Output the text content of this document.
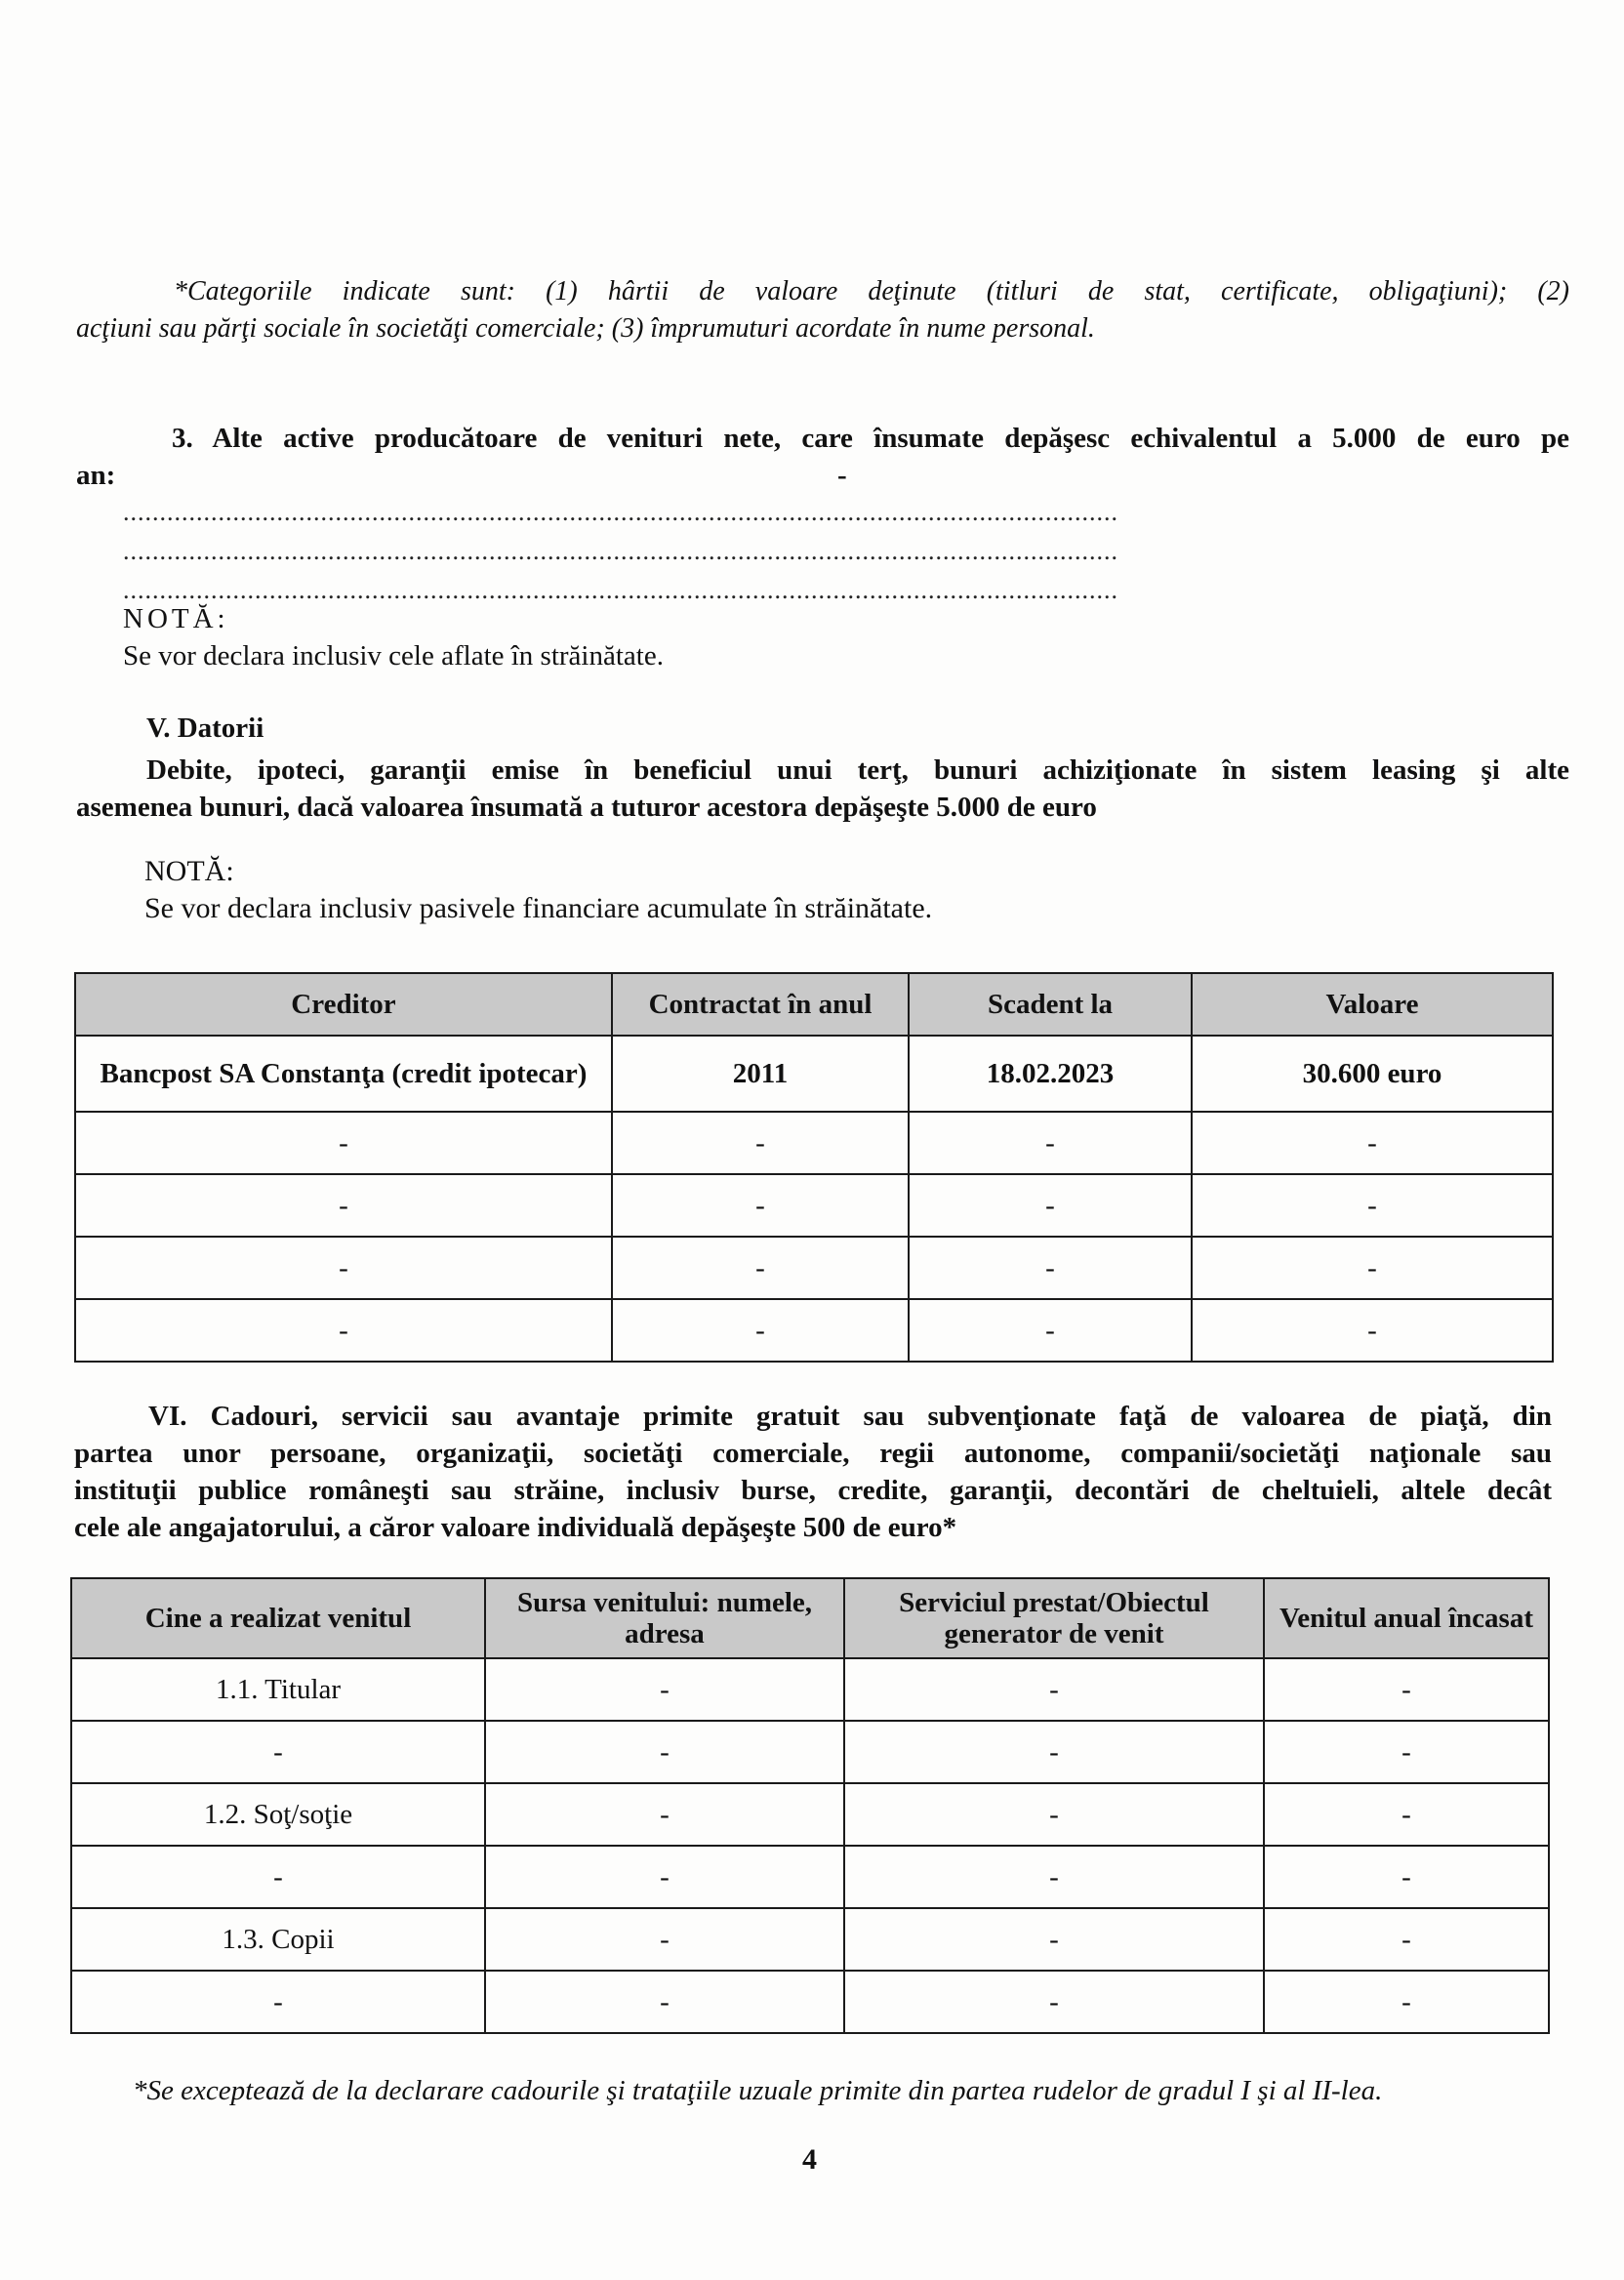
*Categoriile indicate sunt: (1) hârtii de valoare deţinute (titluri de stat, certificate, obligaţiuni); (2)
acţiuni sau părţi sociale în societăţi comerciale; (3) împrumuturi acordate în nume personal.
3. Alte active producătoare de venituri nete, care însumate depăşesc echivalentul a 5.000 de euro pe
an:	-
........................................................................................................................................
........................................................................................................................................
........................................................................................................................................
NOTĂ:
Se vor declara inclusiv cele aflate în străinătate.
V. Datorii
Debite, ipoteci, garanţii emise în beneficiul unui terţ, bunuri achiziţionate în sistem leasing şi alte
asemenea bunuri, dacă valoarea însumată a tuturor acestora depăşeşte 5.000 de euro
NOTĂ:
Se vor declara inclusiv pasivele financiare acumulate în străinătate.
Creditor	Contractat în anul	Scadent la	Valoare
Bancpost SA Constanţa (credit ipotecar)	2011	18.02.2023	30.600 euro
-	-	-	-
-	-	-	-
-	-	-	-
-	-	-	-
VI. Cadouri, servicii sau avantaje primite gratuit sau subvenţionate faţă de valoarea de piaţă, din
partea unor persoane, organizaţii, societăţi comerciale, regii autonome, companii/societăţi naţionale sau
instituţii publice româneşti sau străine, inclusiv burse, credite, garanţii, decontări de cheltuieli, altele decât
cele ale angajatorului, a căror valoare individuală depăşeşte 500 de euro*
Cine a realizat venitul	Sursa venitului: numele, adresa	Serviciul prestat/Obiectul generator de venit	Venitul anual încasat
1.1. Titular	-	-	-
-	-	-	-
1.2. Soţ/soţie	-	-	-
-	-	-	-
1.3. Copii	-	-	-
-	-	-	-
*Se exceptează de la declarare cadourile şi trataţiile uzuale primite din partea rudelor de gradul I şi al II-lea.
4
